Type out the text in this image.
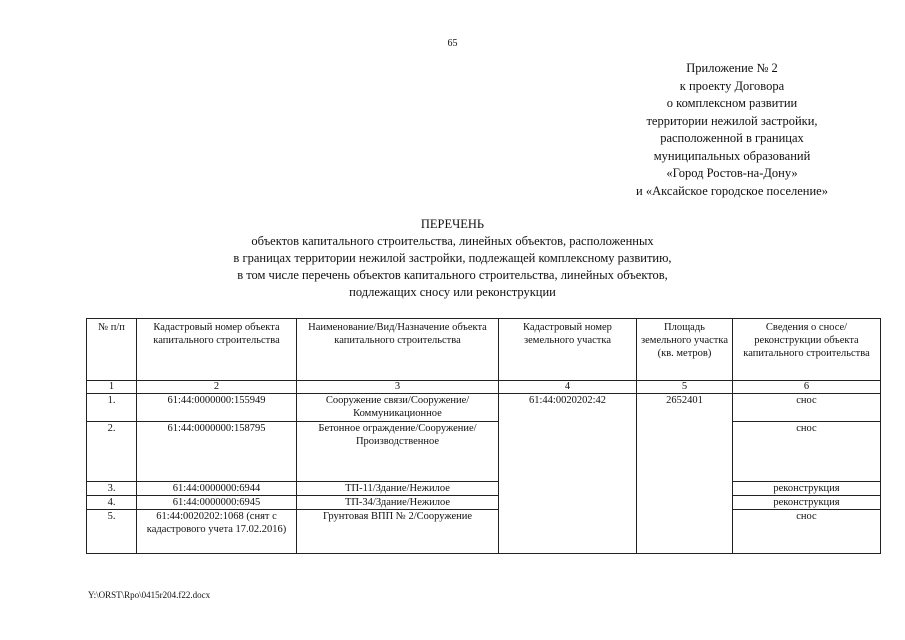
65
Приложение № 2
к проекту Договора
о комплексном развитии
территории нежилой застройки,
расположенной в границах
муниципальных образований
«Город Ростов-на-Дону»
и «Аксайское городское поселение»
ПЕРЕЧЕНЬ
объектов капитального строительства, линейных объектов, расположенных
в границах территории нежилой застройки, подлежащей комплексному развитию,
в том числе перечень объектов капитального строительства, линейных объектов,
подлежащих сносу или реконструкции
№ п/п	Кадастровый номер объекта капитального строительства	Наименование/Вид/Назначение объекта капитального строительства	Кадастровый номер земельного участка	Площадь земельного участка (кв. метров)	Сведения о сносе/реконструкции объекта капитального строительства
1	2	3	4	5	6
1.	61:44:0000000:155949	Сооружение связи/Сооружение/Коммуникационное	61:44:0020202:42	2652401	снос
2.	61:44:0000000:158795	Бетонное ограждение/Сооружение/Производственное			снос
3.	61:44:0000000:6944	ТП-11/Здание/Нежилое			реконструкция
4.	61:44:0000000:6945	ТП-34/Здание/Нежилое			реконструкция
5.	61:44:0020202:1068 (снят с кадастрового учета 17.02.2016)	Грунтовая ВПП № 2/Сооружение			снос
Y:\ORST\Rpo\0415r204.f22.docx
